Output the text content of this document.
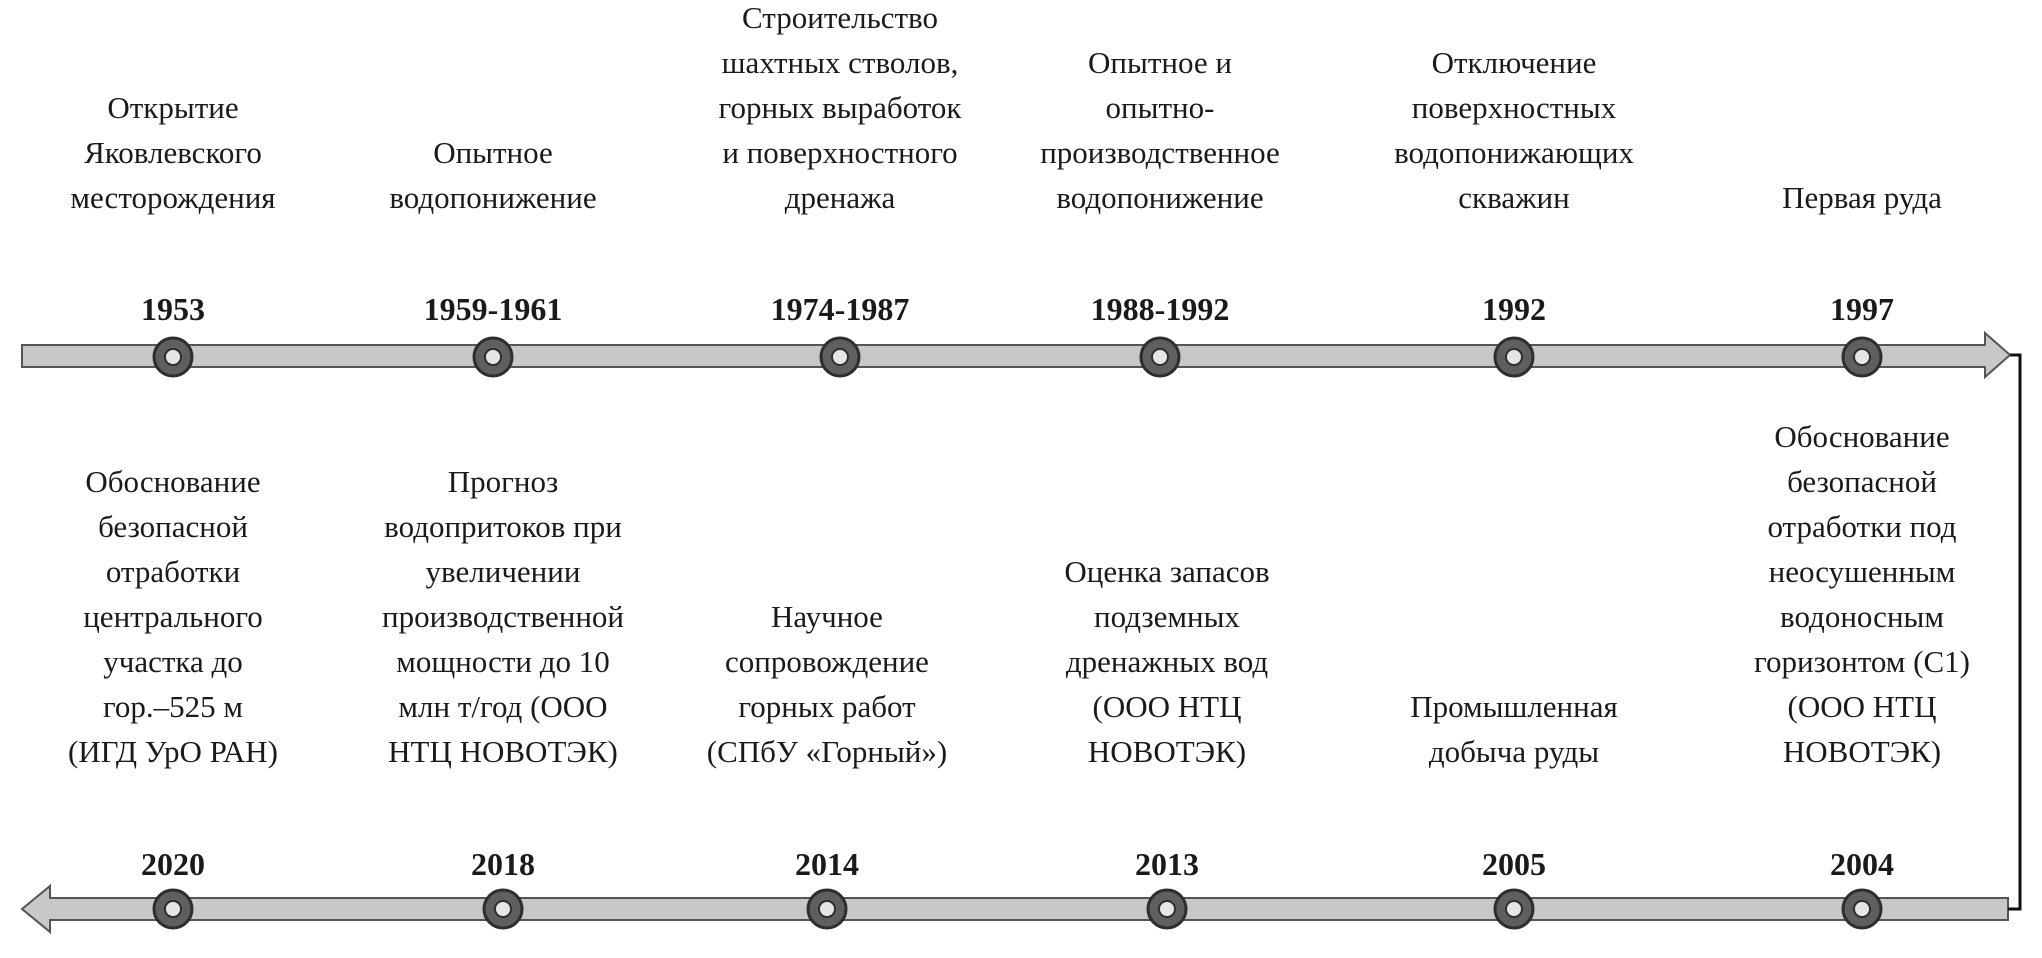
Открытие
Яковлевского
месторождения
1953
Опытное
водопонижение
1959-1961
Строительство
шахтных стволов,
горных выработок
и поверхностного
дренажа
1974-1987
Опытное и
опытно-
производственное
водопонижение
1988-1992
Отключение
поверхностных
водопонижающих
скважин
1992
Первая руда
1997
Обоснование
безопасной
отработки
центрального
участка до
гор.–525 м
(ИГД УрО РАН)
2020
Прогноз
водопритоков при
увеличении
производственной
мощности до 10
млн т/год (ООО
НТЦ НОВОТЭК)
2018
Научное
сопровождение
горных работ
(СПбУ «Горный»)
2014
Оценка запасов
подземных
дренажных вод
(ООО НТЦ
НОВОТЭК)
2013
Промышленная
добыча руды
2005
Обоснование
безопасной
отработки под
неосушенным
водоносным
горизонтом (С1)
(ООО НТЦ
НОВОТЭК)
2004
